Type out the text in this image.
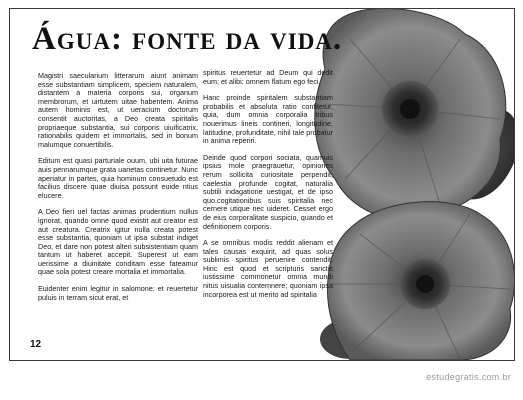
Água: fonte da vida.

Magistri saecularium litterarum aiunt animam esse substantiam simplicem, speciem naturalem, distantem a materia corporis sui, organum membrorum, et uirtutem uitae habentem. Anima autem hominis est, ut ueracium doctorum consentit auctoritas, a Deo creata spiritalis propriaeque substantia, sui corporis uiuificatrix, rationabilis quidem et immortalis, sed in bonum malumque conuertibilis.

Editum est quasi parturiale ouum, ubi uita futurae auis pennarumque grata uarietas continetur. Nunc aperiatur in partes, quia hominum consuetudo est facilius discere quae diuisa possunt euide ntius elucere.

A Deo fieri uel factas animas prudentium nullus ignorat, quando omne quod existit aut creator est aut creatura. Creatrix igitur nulla creata potest esse substantia, quoniam ut ipsa substat indiget Deo, et dare non potest alteri subsistentiam quam tantum ut haberet accepit. Superest ut eam uerissime a diuinitate conditam esse fateamur quae sola potest creare mortalia et immortalia.

Euidenter enim legitur in salomone: et reuertetur puluis in terram sicut erat, et

spiritus reuertetur ad Deum qui dedit eum; et alibi: omnem flatum ego feci.

Hanc proinde spiritalem substantiam probabilis et absoluta ratio confitetur, quia, dum omnia corporalia tribus nouerimus lineis contineri, longitudine, latitudine, profunditate, nihil tale probatur in anima reperiri.

Deinde quod corpori sociata, quamuis ipsius mole praegrauetur, opiniones rerum sollicita curiositate perpendit, caelestia profunde cogitat, naturalia subtili indagatione uestigat, et de ipso quo.cogitationibus suis spiritalia nec cernere utique nec uideret. Cesset ergo de eius corporalitate suspicio, quando et definitionem corporis.

A se omnibus modis reddit alienam et tales causas exquirit, ad quas solus sublimis spiritus peruenire contendit. Hinc est quod et scripturis sanctis iustissime commonetur omnia mundi nitus uisualia contemnere; quoniam ipsa incorporea est ut merito ad spiritalia

12
estudegratis.com.br
